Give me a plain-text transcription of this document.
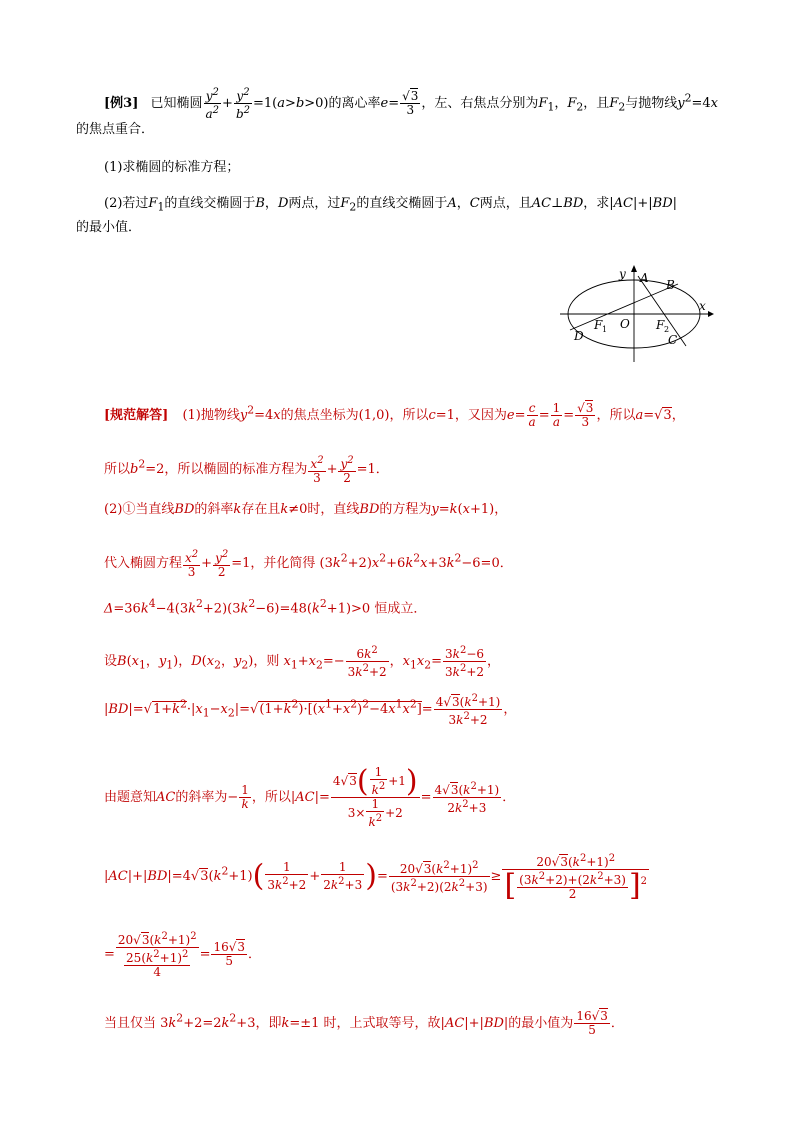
[例3] 已知椭圆 $\frac{y^2}{a^2} + \frac{y^2}{b^2} =1(a>b>0)$的离心率$e= \frac{√3}{3}$ ，左、右焦点分别为$F_1$，$F_2$，且$F_2$与抛物线$y^2=4x$
的焦点重合．
(1)求椭圆的标准方程；
(2)若过$F_1$的直线交椭圆于B，D两点，过$F_2$的直线交椭圆于A，C两点，且AC⊥BD，求|AC|+|BD|
的最小值．
y A B
x
F 1 O F 2
D	C
[规范解答] (1)抛物线$y^2=4x$的焦点坐标为(1,0)，所以c=1，又因为$e= \frac{c}{a} = \frac{1}{a} = \frac{√3}{3}$ ，所以a=√3，
所以$b^2=2$，所以椭圆的标准方程为 $\frac{x^2}{3} + \frac{y^2}{2} =1$．
(2)①当直线BD的斜率k存在且k≠0时，直线BD的方程为y=k(x+1)，
代入椭圆方程 $\frac{x^2}{3} + \frac{y^2}{2} =1$，并化简得 $(3k^2+2)x^2+6k^2x+3k^2-6=0$．
$\Delta=36k^4-4(3k^2+2)(3k^2-6)=48(k^2+1)>0$ 恒成立．
设$B(x_1$，$y_1$)，$D(x_2$，$y_2$)，则 $x_1+x_2=- \frac{6k^2}{3k^2+2}$ ，$x_1x_2= \frac{3k^2-6}{3k^2+2}$ ，
$|BD|=√1+k^2\cdot|x_1-x_2|=√(1+k^2)\cdot[(x^1+x^2)^2-4x^1x^2]= \frac{4√3(k^2+1)}{3k^2+2}$ ，
由题意知AC的斜率为− $\frac{1}{k}$ ，所以$|AC|= \frac{4√3( \frac{1}{k^2} +1)}{3\times \frac{1}{k^2} +2} = \frac{4√3(k^2+1)}{2k^2+3}$ ．
$|AC|+|BD|=4√3(k^2+1)( \frac{1}{3k^2+2} + \frac{1}{2k^2+3}$ )= $\frac{20√3(k^2+1)^2}{(3k^2+2)(2k^2+3)} \ge \frac{20√3(k^2+1)^2}{[ \frac{(3k^2+2)+(2k^2+3)}{2} ]^2}$
= $\frac{20√3(k^2+1)^2}{\frac{25(k^2+1)^2}{4}} = \frac{16√3}{5}$ ．
当且仅当 $3k^2+2=2k^2+3$，即k=±1 时，上式取等号，故|AC|+|BD|的最小值为 $\frac{16√3}{5}$ ．
